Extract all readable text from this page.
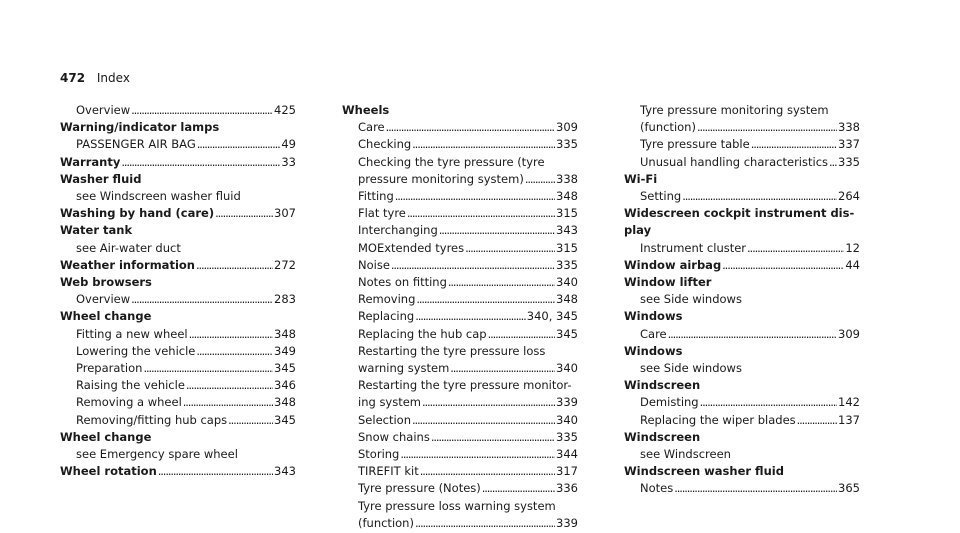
472 Index
Overview . . .	425
Warning/indicator lamps
PASSENGER AIR BAG . . .	49
Warranty . . .	33
Washer fluid
see Windscreen washer fluid
Washing by hand (care) . . .	307
Water tank
see Air-water duct
Weather information . . .	272
Web browsers
Overview . . .	283
Wheel change
Fitting a new wheel . . .	348
Lowering the vehicle . . .	349
Preparation . . .	345
Raising the vehicle . . .	346
Removing a wheel . . .	348
Removing/fitting hub caps . . .	345
Wheel change
see Emergency spare wheel
Wheel rotation . . .	343
Wheels
Care . . .	309
Checking . . .	335
Checking the tyre pressure (tyre
pressure monitoring system) . . .	338
Fitting . . .	348
Flat tyre . . .	315
Interchanging . . .	343
MOExtended tyres . . .	315
Noise . . .	335
Notes on fitting . . .	340
Removing . . .	348
Replacing . . .	340, 345
Replacing the hub cap . . .	345
Restarting the tyre pressure loss
warning system . . .	340
Restarting the tyre pressure monitor-
ing system . . .	339
Selection . . .	340
Snow chains . . .	335
Storing . . .	344
TIREFIT kit . . .	317
Tyre pressure (Notes) . . .	336
Tyre pressure loss warning system
(function) . . .	339
Tyre pressure monitoring system
(function) . . .	338
Tyre pressure table . . .	337
Unusual handling characteristics . . . 335
Wi-Fi
Setting . . .	264
Widescreen cockpit instrument dis-
play
Instrument cluster . . .	12
Window airbag . . .	44
Window lifter
see Side windows
Windows
Care . . .	309
Windows
see Side windows
Windscreen
Demisting . . .	142
Replacing the wiper blades . . .	137
Windscreen
see Windscreen
Windscreen washer fluid
Notes . . .	365
